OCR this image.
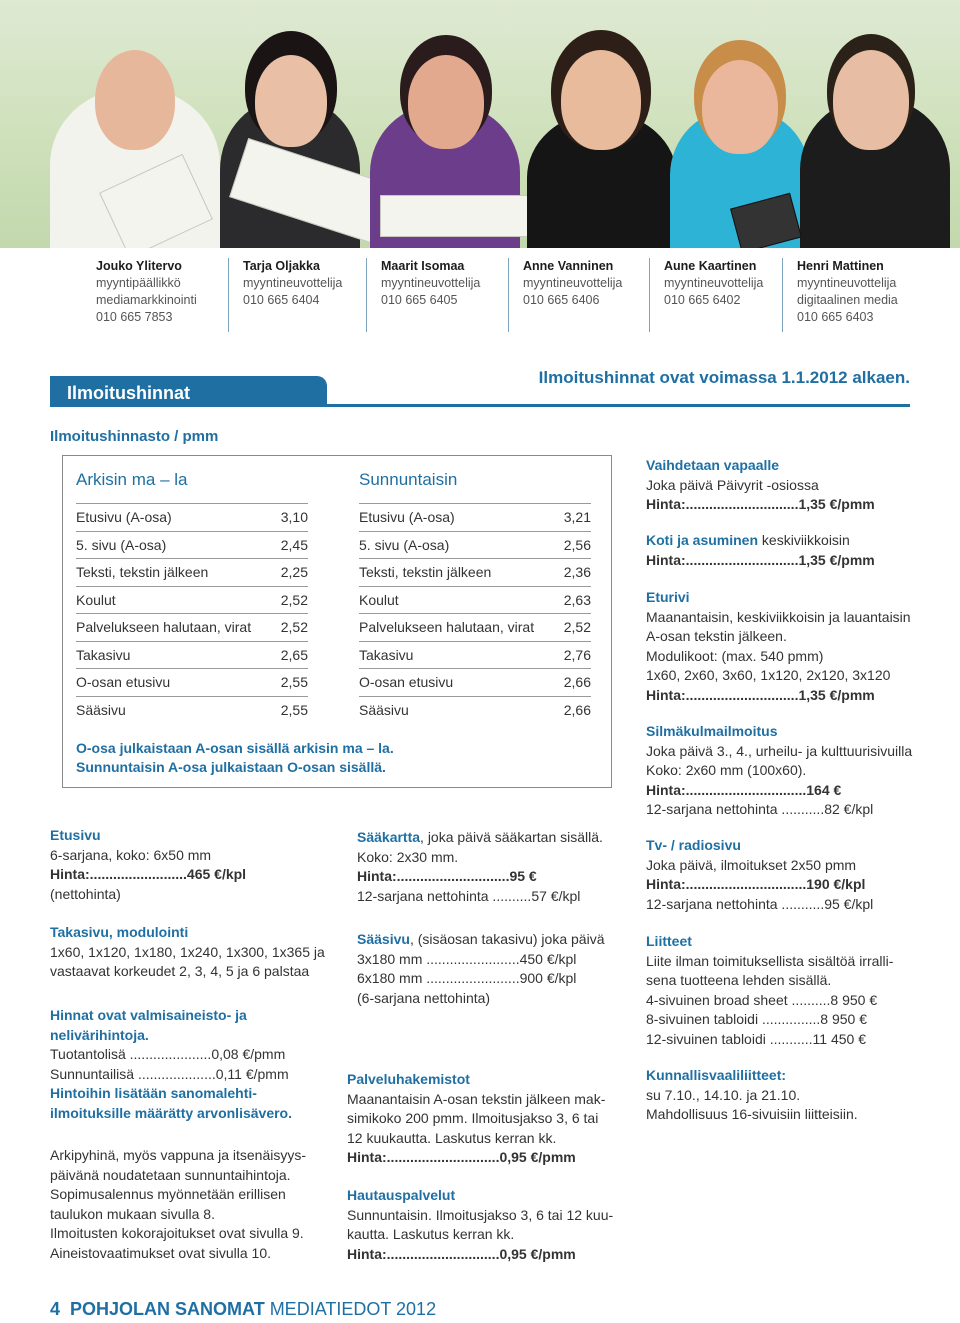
Jouko Ylitervo
myyntipäällikkö
mediamarkkinointi
010 665 7853
Tarja Oljakka
myyntineuvottelija
010 665 6404
Maarit Isomaa
myyntineuvottelija
010 665 6405
Anne Vanninen
myyntineuvottelija
010 665 6406
Aune Kaartinen
myyntineuvottelija
010 665 6402
Henri Mattinen
myyntineuvottelija
digitaalinen media
010 665 6403
Ilmoitushinnat
Ilmoitushinnat ovat voimassa 1.1.2012 alkaen.
Ilmoitushinnasto / pmm
Arkisin ma – la
Etusivu (A-osa)	3,10
5. sivu (A-osa)	2,45
Teksti, tekstin jälkeen	2,25
Koulut	2,52
Palvelukseen halutaan, virat 2,52
Takasivu	2,65
O-osan etusivu	2,55
Sääsivu	2,55
Sunnuntaisin
Etusivu (A-osa)	3,21
5. sivu (A-osa)	2,56
Teksti, tekstin jälkeen	2,36
Koulut	2,63
Palvelukseen halutaan, virat 2,52
Takasivu	2,76
O-osan etusivu	2,66
Sääsivu	2,66
O-osa julkaistaan A-osan sisällä arkisin ma – la.
Sunnuntaisin A-osa julkaistaan O-osan sisällä.
Etusivu
6-sarjana, koko: 6x50 mm
Hinta:.........................465 €/kpl
(nettohinta)
Takasivu, modulointi
1x60, 1x120, 1x180, 1x240, 1x300, 1x365 ja
vastaavat korkeudet 2, 3, 4, 5 ja 6 palstaa
Hinnat ovat valmisaineisto- ja
nelivärihintoja.
Tuotantolisä .....................0,08 €/pmm
Sunnuntailisä ....................0,11 €/pmm
Hintoihin lisätään sanomalehti-
ilmoituksille määrätty arvonlisävero.
Arkipyhinä, myös vappuna ja itsenäisyys-
päivänä noudatetaan sunnuntaihintoja.
Sopimusalennus myönnetään erillisen
taulukon mukaan sivulla 8.
Ilmoitusten kokorajoitukset ovat sivulla 9.
Aineistovaatimukset ovat sivulla 10.
Sääkartta, joka päivä sääkartan sisällä.
Koko: 2x30 mm.
Hinta:.............................95 €
12-sarjana nettohinta ..........57 €/kpl
Sääsivu, (sisäosan takasivu) joka päivä
3x180 mm ........................450 €/kpl
6x180 mm ........................900 €/kpl
(6-sarjana nettohinta)
Palveluhakemistot
Maanantaisin A-osan tekstin jälkeen mak-
simikoko 200 pmm. Ilmoitusjakso 3, 6 tai
12 kuukautta. Laskutus kerran kk.
Hinta:.............................0,95 €/pmm
Hautauspalvelut
Sunnuntaisin. Ilmoitusjakso 3, 6 tai 12 kuu-
kautta. Laskutus kerran kk.
Hinta:.............................0,95 €/pmm
Vaihdetaan vapaalle
Joka päivä Päivyrit -osiossa
Hinta:.............................1,35 €/pmm
Koti ja asuminen keskiviikkoisin
Hinta:.............................1,35 €/pmm
Eturivi
Maanantaisin, keskiviikkoisin ja lauantaisin
A-osan tekstin jälkeen.
Modulikoot: (max. 540 pmm)
1x60, 2x60, 3x60, 1x120, 2x120, 3x120
Hinta:.............................1,35 €/pmm
Silmäkulmailmoitus
Joka päivä 3., 4., urheilu- ja kulttuurisivuilla
Koko: 2x60 mm (100x60).
Hinta:...............................164 €
12-sarjana nettohinta ...........82 €/kpl
Tv- / radiosivu
Joka päivä, ilmoitukset 2x50 pmm
Hinta:...............................190 €/kpl
12-sarjana nettohinta ...........95 €/kpl
Liitteet
Liite ilman toimituksellista sisältöä irralli-
sena tuotteena lehden sisällä.
4-sivuinen broad sheet ..........8 950 €
8-sivuinen tabloidi ...............8 950 €
12-sivuinen tabloidi ...........11 450 €
Kunnallisvaaliliitteet:
su 7.10., 14.10. ja 21.10.
Mahdollisuus 16-sivuisiin liitteisiin.
4 POHJOLAN SANOMAT MEDIATIEDOT 2012
